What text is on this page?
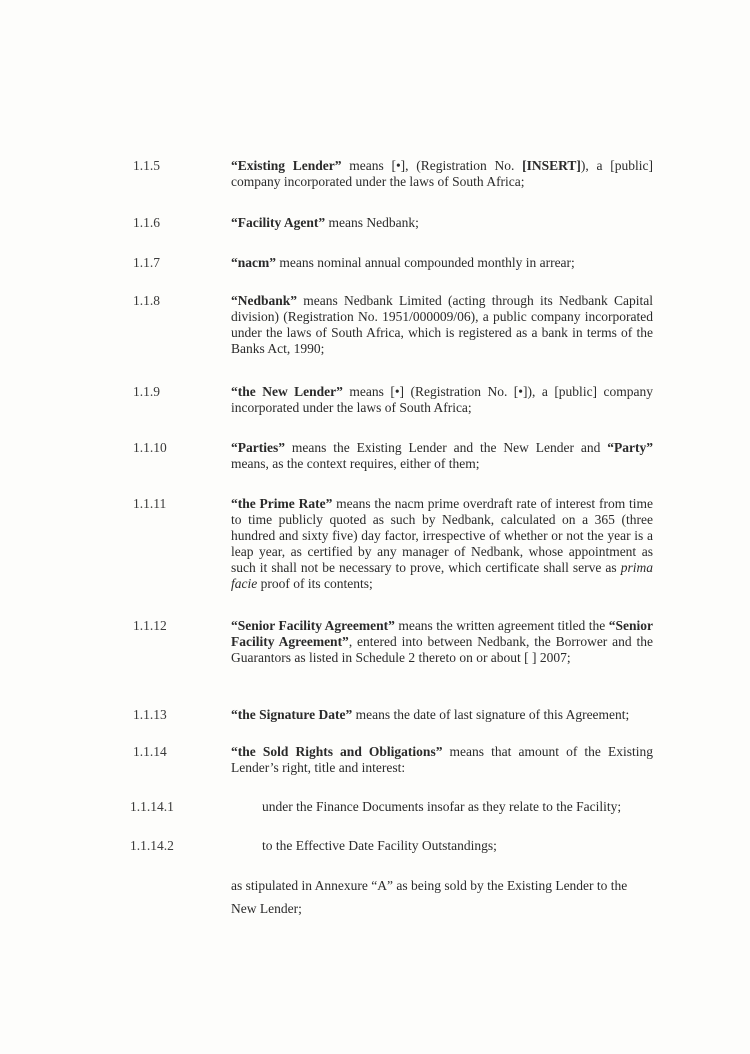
1.1.5	“Existing Lender” means [•], (Registration No. [INSERT]), a [public] company incorporated under the laws of South Africa;
1.1.6	“Facility Agent” means Nedbank;
1.1.7	“nacm” means nominal annual compounded monthly in arrear;
1.1.8	“Nedbank” means Nedbank Limited (acting through its Nedbank Capital division) (Registration No. 1951/000009/06), a public company incorporated under the laws of South Africa, which is registered as a bank in terms of the Banks Act, 1990;
1.1.9	“the New Lender” means [•] (Registration No. [•]), a [public] company incorporated under the laws of South Africa;
1.1.10	“Parties” means the Existing Lender and the New Lender and “Party” means, as the context requires, either of them;
1.1.11	“the Prime Rate” means the nacm prime overdraft rate of interest from time to time publicly quoted as such by Nedbank, calculated on a 365 (three hundred and sixty five) day factor, irrespective of whether or not the year is a leap year, as certified by any manager of Nedbank, whose appointment as such it shall not be necessary to prove, which certificate shall serve as prima facie proof of its contents;
1.1.12	“Senior Facility Agreement” means the written agreement titled the “Senior Facility Agreement”, entered into between Nedbank, the Borrower and the Guarantors as listed in Schedule 2 thereto on or about [ ] 2007;
1.1.13	“the Signature Date” means the date of last signature of this Agreement;
1.1.14	“the Sold Rights and Obligations” means that amount of the Existing Lender’s right, title and interest:
1.1.14.1	under the Finance Documents insofar as they relate to the Facility;
1.1.14.2	to the Effective Date Facility Outstandings;
as stipulated in Annexure “A” as being sold by the Existing Lender to the New Lender;
